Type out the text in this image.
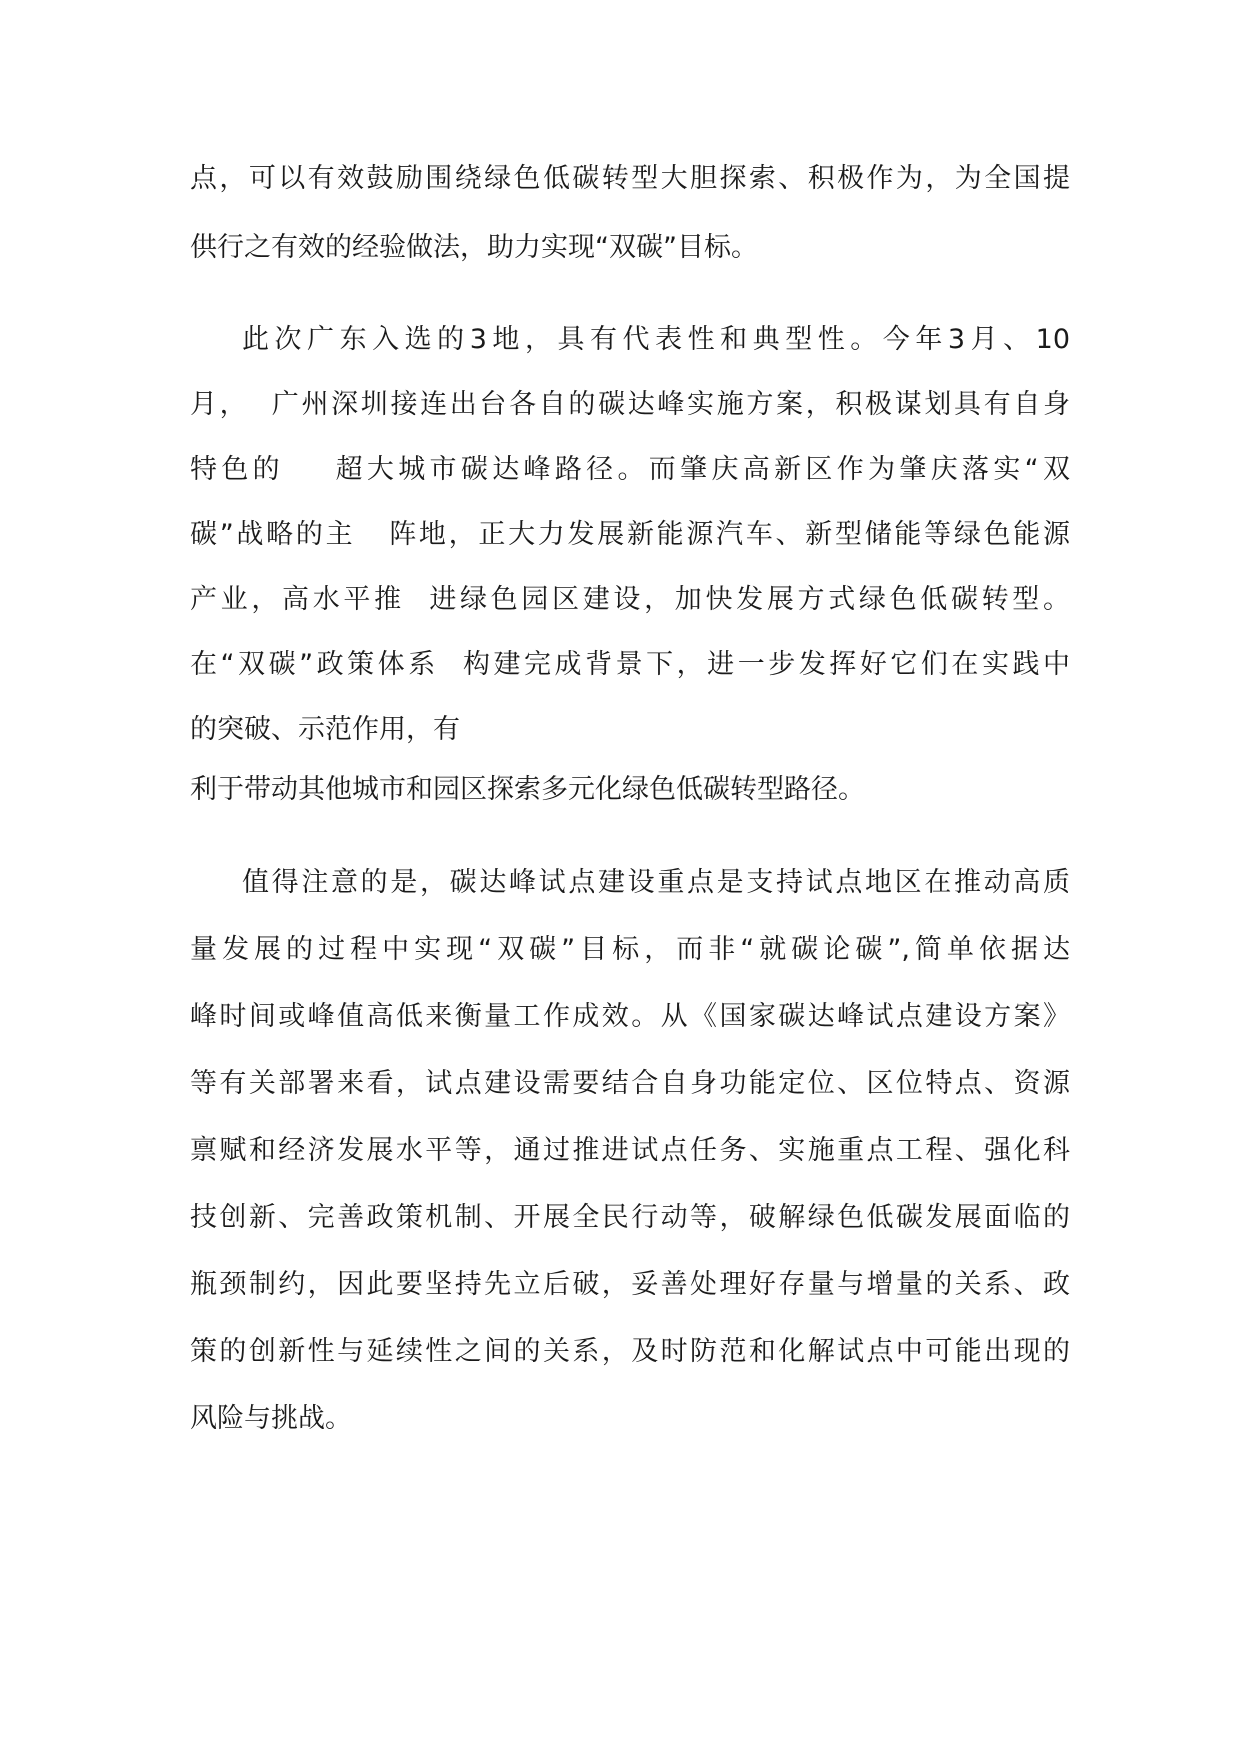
点，可以有效鼓励围绕绿色低碳转型大胆探索、积极作为，为全国提

供行之有效的经验做法，助力实现“双碳”目标。

此次广东入选的3地，具有代表性和典型性。今年3月、10

月，  广州深圳接连出台各自的碳达峰实施方案，积极谋划具有自身

特色的    超大城市碳达峰路径。而肇庆高新区作为肇庆落实“双

碳”战略的主   阵地，正大力发展新能源汽车、新型储能等绿色能源

产业，高水平推  进绿色园区建设，加快发展方式绿色低碳转型。

在“双碳”政策体系  构建完成背景下，进一步发挥好它们在实践中

的突破、示范作用，有

利于带动其他城市和园区探索多元化绿色低碳转型路径。

值得注意的是，碳达峰试点建设重点是支持试点地区在推动高质

量发展的过程中实现“双碳”目标，而非“就碳论碳”,简单依据达

峰时间或峰值高低来衡量工作成效。从《国家碳达峰试点建设方案》

等有关部署来看，试点建设需要结合自身功能定位、区位特点、资源

禀赋和经济发展水平等，通过推进试点任务、实施重点工程、强化科

技创新、完善政策机制、开展全民行动等，破解绿色低碳发展面临的

瓶颈制约，因此要坚持先立后破，妥善处理好存量与增量的关系、政

策的创新性与延续性之间的关系，及时防范和化解试点中可能出现的

风险与挑战。
